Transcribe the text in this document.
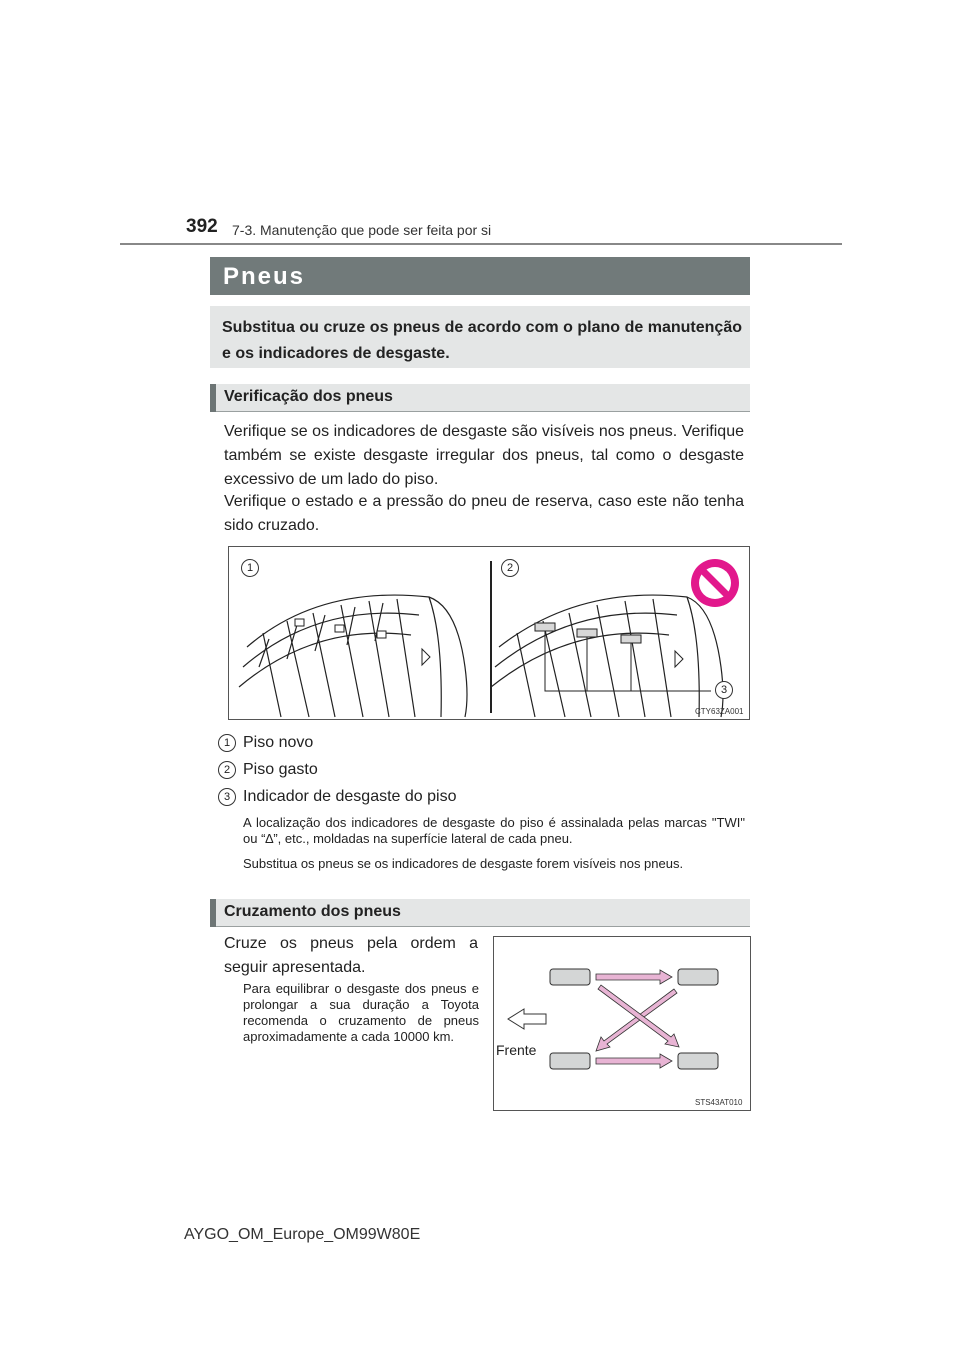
392 7-3. Manutenção que pode ser feita por si
Pneus
Substitua ou cruze os pneus de acordo com o plano de manutenção e os indicadores de desgaste.
Verificação dos pneus
Verifique se os indicadores de desgaste são visíveis nos pneus. Verifique também se existe desgaste irregular dos pneus, tal como o desgaste excessivo de um lado do piso.
Verifique o estado e a pressão do pneu de reserva, caso este não tenha sido cruzado.
1	2
3
CTY63ZA001
1 Piso novo
2 Piso gasto
3 Indicador de desgaste do piso
A localização dos indicadores de desgaste do piso é assinalada pelas marcas "TWI" ou “∆”, etc., moldadas na superfície lateral de cada pneu.
Substitua os pneus se os indicadores de desgaste forem visíveis nos pneus.
Cruzamento dos pneus
Cruze os pneus pela ordem a seguir apresentada.
Para equilibrar o desgaste dos pneus e prolongar a sua duração a Toyota recomenda o cruzamento de pneus aproximadamente a cada 10000 km.
Frente
STS43AT010
AYGO_OM_Europe_OM99W80E
